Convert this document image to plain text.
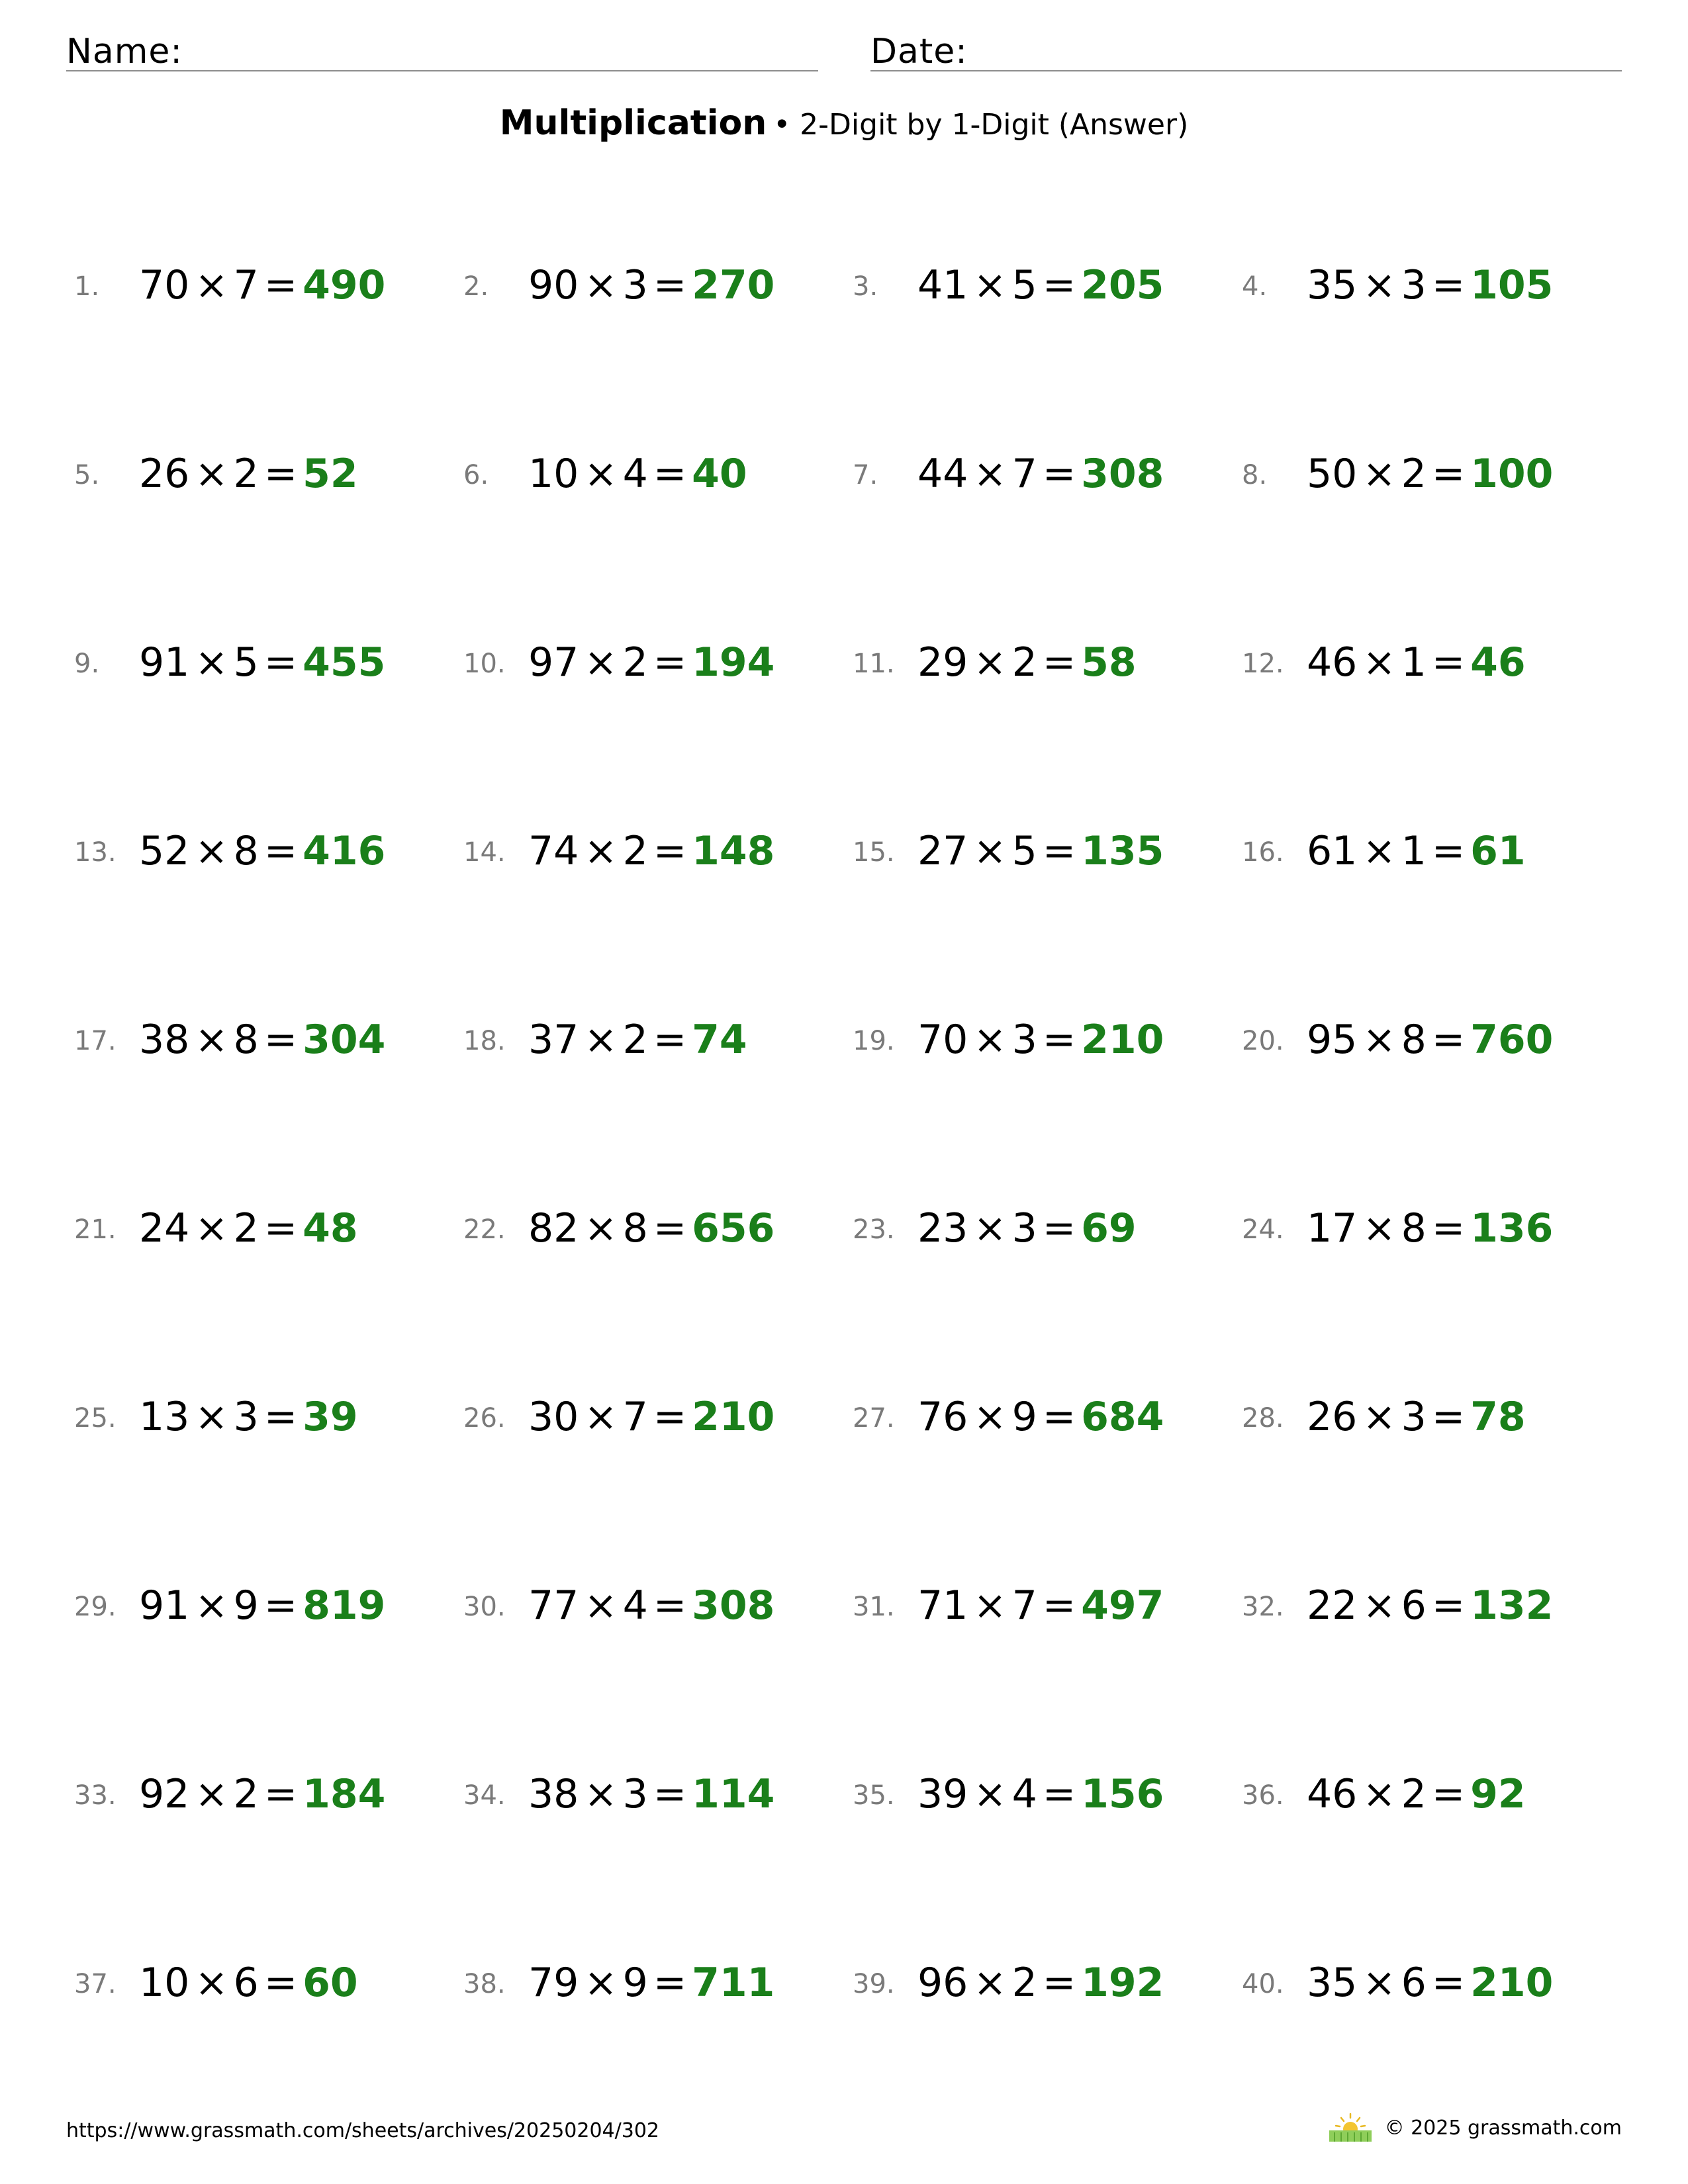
Name:	Date:
Multiplication • 2-Digit by 1-Digit (Answer)
1. 70 × 7 = 490	2. 90 × 3 = 270	3. 41 × 5 = 205	4. 35 × 3 = 105
5. 26 × 2 = 52	6. 10 × 4 = 40	7. 44 × 7 = 308	8. 50 × 2 = 100
9. 91 × 5 = 455	10. 97 × 2 = 194	11. 29 × 2 = 58	12. 46 × 1 = 46
13. 52 × 8 = 416	14. 74 × 2 = 148	15. 27 × 5 = 135	16. 61 × 1 = 61
17. 38 × 8 = 304	18. 37 × 2 = 74	19. 70 × 3 = 210	20. 95 × 8 = 760
21. 24 × 2 = 48	22. 82 × 8 = 656	23. 23 × 3 = 69	24. 17 × 8 = 136
25. 13 × 3 = 39	26. 30 × 7 = 210	27. 76 × 9 = 684	28. 26 × 3 = 78
29. 91 × 9 = 819	30. 77 × 4 = 308	31. 71 × 7 = 497	32. 22 × 6 = 132
33. 92 × 2 = 184	34. 38 × 3 = 114	35. 39 × 4 = 156	36. 46 × 2 = 92
37. 10 × 6 = 60	38. 79 × 9 = 711	39. 96 × 2 = 192	40. 35 × 6 = 210
https://www.grassmath.com/sheets/archives/20250204/302	© 2025 grassmath.com
